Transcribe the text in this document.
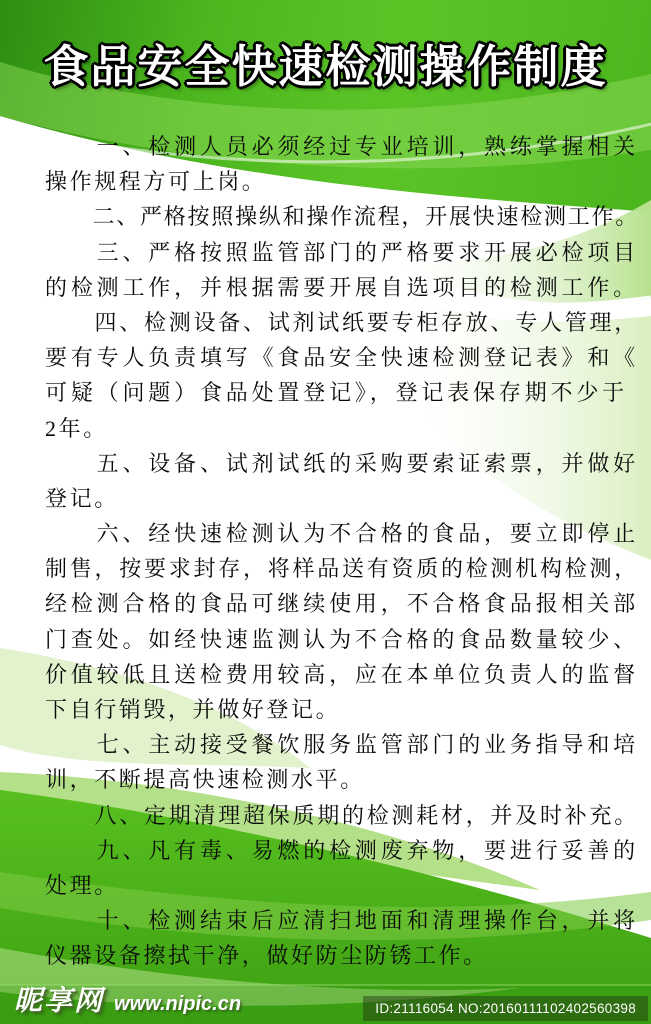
食品安全快速检测操作制度
　　一、检测人员必须经过专业培训，熟练掌握相关
操作规程方可上岗。
　　二、严格按照操纵和操作流程，开展快速检测工作。
　　三、严格按照监管部门的严格要求开展必检项目
的检测工作，并根据需要开展自选项目的检测工作。
　　四、检测设备、试剂试纸要专柜存放、专人管理，
要有专人负责填写《食品安全快速检测登记表》和《
可疑（问题）食品处置登记》，登记表保存期不少于
2年。
　　五、设备、试剂试纸的采购要索证索票，并做好
登记。
　　六、经快速检测认为不合格的食品，要立即停止
制售，按要求封存，将样品送有资质的检测机构检测，
经检测合格的食品可继续使用，不合格食品报相关部
门查处。如经快速监测认为不合格的食品数量较少、
价值较低且送检费用较高，应在本单位负责人的监督
下自行销毁，并做好登记。
　　七、主动接受餐饮服务监管部门的业务指导和培
训，不断提高快速检测水平。
　　八、定期清理超保质期的检测耗材，并及时补充。
　　九、凡有毒、易燃的检测废弃物，要进行妥善的
处理。
　　十、检测结束后应清扫地面和清理操作台，并将
仪器设备擦拭干净，做好防尘防锈工作。
昵享网 www.nipic.cn	ID:21116054 NO:20160111102402560398
